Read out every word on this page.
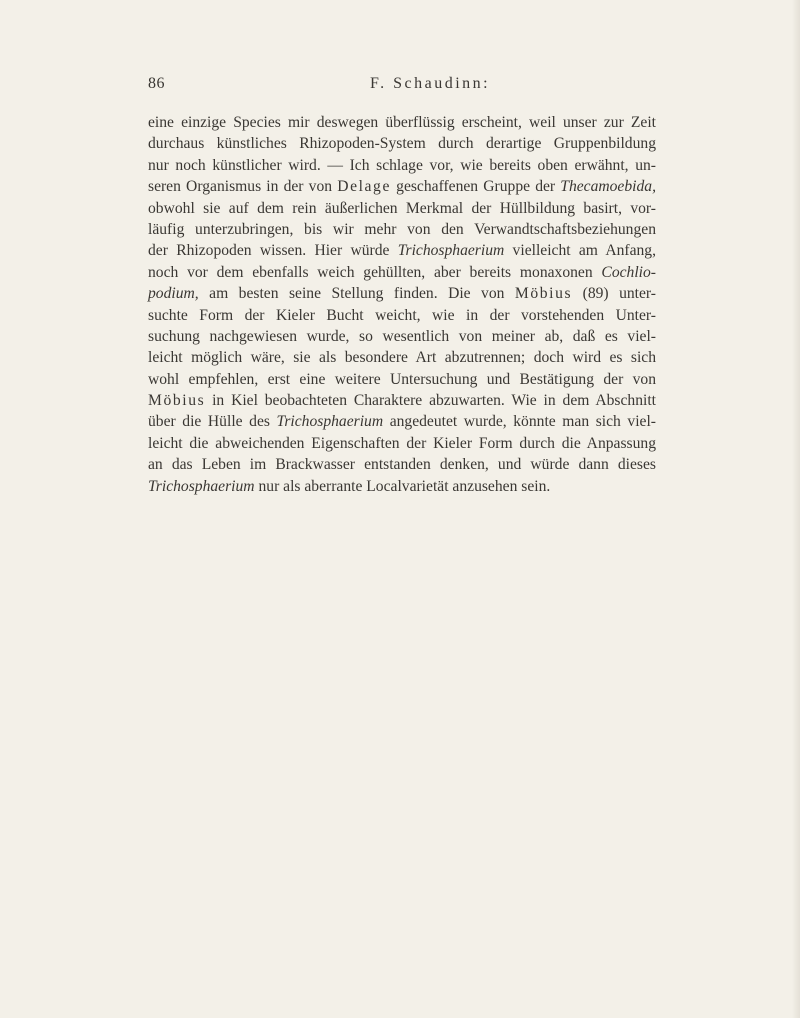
86	F. Schaudinn:
eine einzige Species mir deswegen überflüssig erscheint, weil unser zur Zeit
durchaus künstliches Rhizopoden-System durch derartige Gruppenbildung
nur noch künstlicher wird. — Ich schlage vor, wie bereits oben erwähnt, un-
seren Organismus in der von Delage geschaffenen Gruppe der Thecamoebida,
obwohl sie auf dem rein äußerlichen Merkmal der Hüllbildung basirt, vor-
läufig unterzubringen, bis wir mehr von den Verwandtschaftsbeziehungen
der Rhizopoden wissen. Hier würde Trichosphaerium vielleicht am Anfang,
noch vor dem ebenfalls weich gehüllten, aber bereits monaxonen Cochlio-
podium, am besten seine Stellung finden. Die von Möbius (89) unter-
suchte Form der Kieler Bucht weicht, wie in der vorstehenden Unter-
suchung nachgewiesen wurde, so wesentlich von meiner ab, daß es viel-
leicht möglich wäre, sie als besondere Art abzutrennen; doch wird es sich
wohl empfehlen, erst eine weitere Untersuchung und Bestätigung der von
Möbius in Kiel beobachteten Charaktere abzuwarten. Wie in dem Abschnitt
über die Hülle des Trichosphaerium angedeutet wurde, könnte man sich viel-
leicht die abweichenden Eigenschaften der Kieler Form durch die Anpassung
an das Leben im Brackwasser entstanden denken, und würde dann dieses
Trichosphaerium nur als aberrante Localvarietät anzusehen sein.
